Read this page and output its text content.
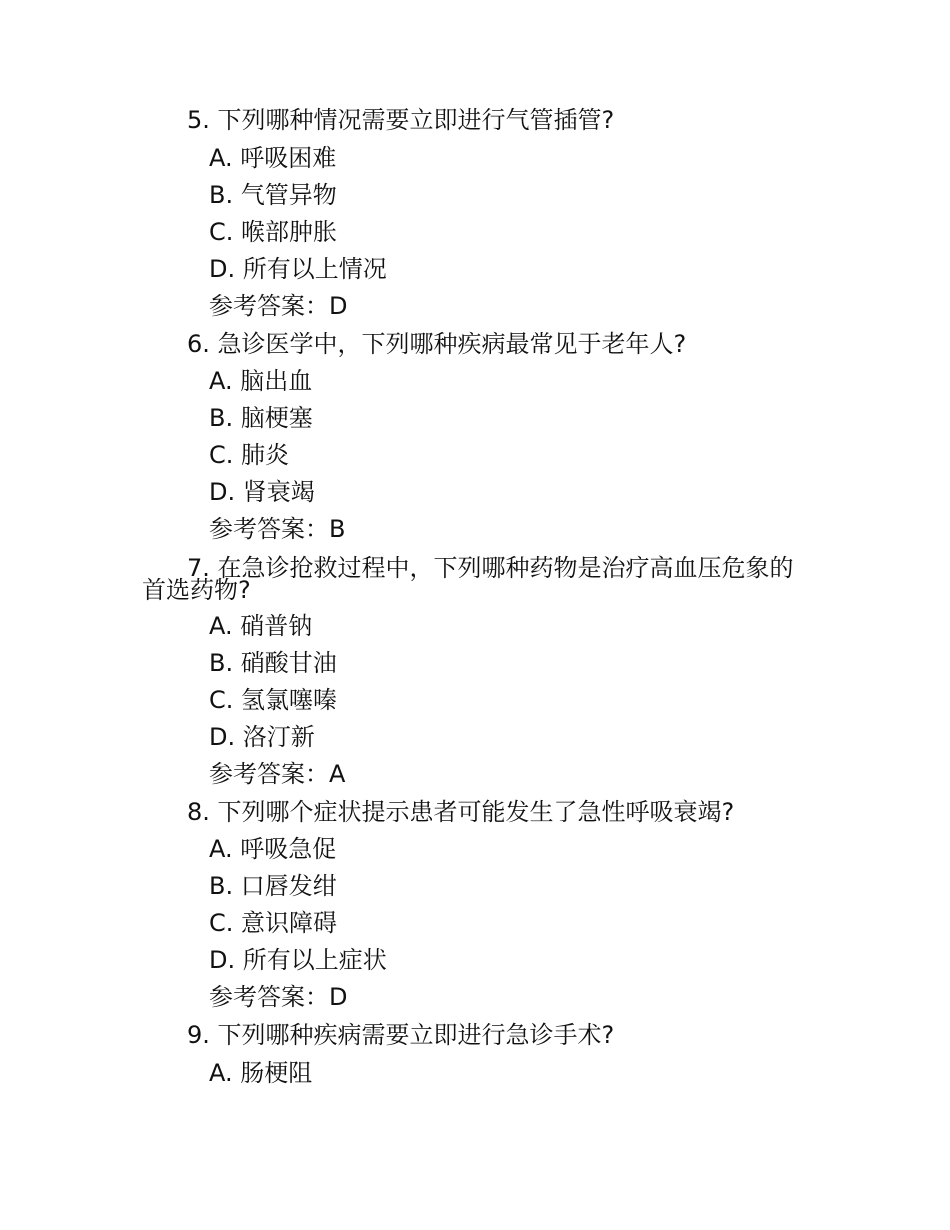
5. 下列哪种情况需要立即进行气管插管?
A. 呼吸困难
B. 气管异物
C. 喉部肿胀
D. 所有以上情况
参考答案：D
6. 急诊医学中，下列哪种疾病最常见于老年人?
A. 脑出血
B. 脑梗塞
C. 肺炎
D. 肾衰竭
参考答案：B
7. 在急诊抢救过程中，下列哪种药物是治疗高血压危象的
首选药物?
A. 硝普钠
B. 硝酸甘油
C. 氢氯噻嗪
D. 洛汀新
参考答案：A
8. 下列哪个症状提示患者可能发生了急性呼吸衰竭?
A. 呼吸急促
B. 口唇发绀
C. 意识障碍
D. 所有以上症状
参考答案：D
9. 下列哪种疾病需要立即进行急诊手术?
A. 肠梗阻
